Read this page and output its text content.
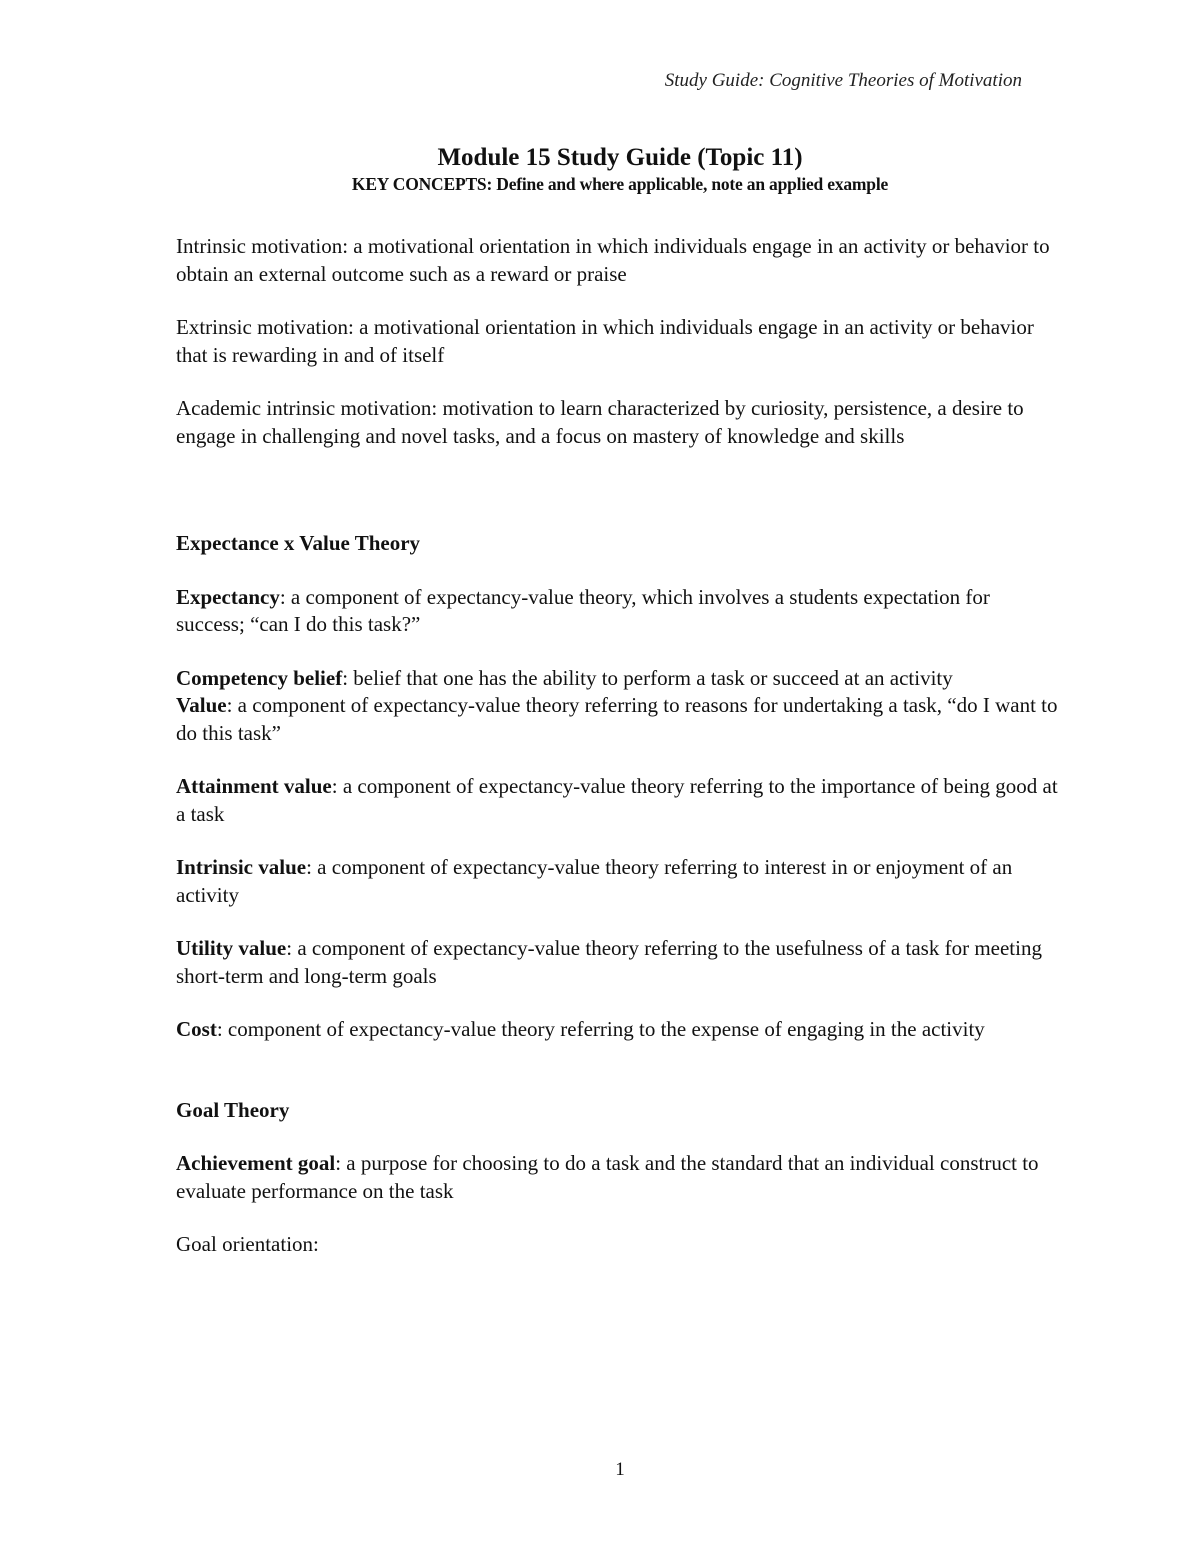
Study Guide: Cognitive Theories of Motivation

Module 15 Study Guide (Topic 11)

KEY CONCEPTS: Define and where applicable, note an applied example

Intrinsic motivation: a motivational orientation in which individuals engage in an activity or behavior to obtain an external outcome such as a reward or praise

Extrinsic motivation: a motivational orientation in which individuals engage in an activity or behavior that is rewarding in and of itself

Academic intrinsic motivation: motivation to learn characterized by curiosity, persistence, a desire to engage in challenging and novel tasks, and a focus on mastery of knowledge and skills

Expectance x Value Theory

Expectancy: a component of expectancy-value theory, which involves a students expectation for success; “can I do this task?”

Competency belief: belief that one has the ability to perform a task or succeed at an activity

Value: a component of expectancy-value theory referring to reasons for undertaking a task, “do I want to do this task”

Attainment value: a component of expectancy-value theory referring to the importance of being good at a task

Intrinsic value: a component of expectancy-value theory referring to interest in or enjoyment of an activity

Utility value: a component of expectancy-value theory referring to the usefulness of a task for meeting short-term and long-term goals

Cost: component of expectancy-value theory referring to the expense of engaging in the activity

Goal Theory

Achievement goal: a purpose for choosing to do a task and the standard that an individual construct to evaluate performance on the task

Goal orientation:

1
